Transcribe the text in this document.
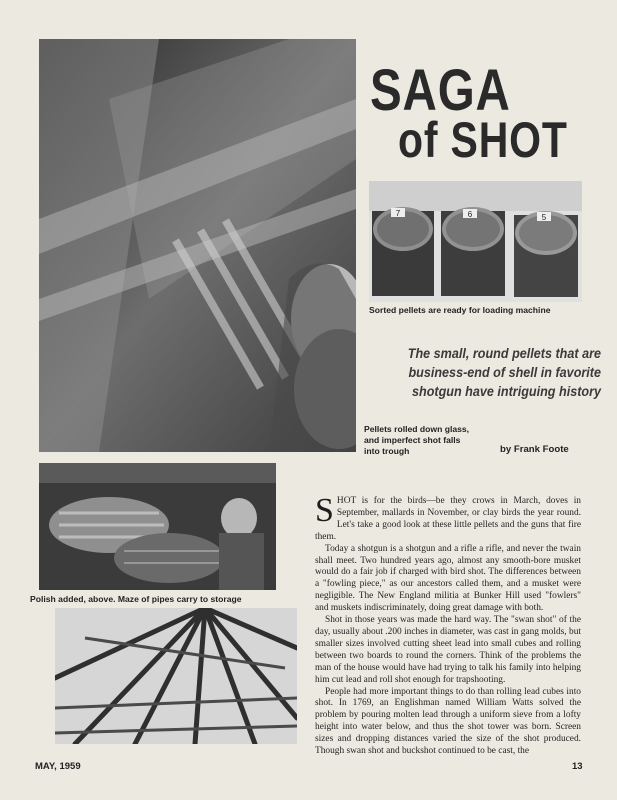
SAGA
of SHOT
7	6	5
Sorted pellets are ready for loading machine
The small, round pellets that are business-end of shell in favorite shotgun have intriguing history
Pellets rolled down glass, and imperfect shot falls into trough	by Frank Foote
Polish added, above. Maze of pipes carry to storage

SHOT is for the birds—be they crows in March, doves in September, mallards in November, or clay birds the year round. Let's take a good look at these little pellets and the guns that fire them.

Today a shotgun is a shotgun and a rifle a rifle, and never the twain shall meet. Two hundred years ago, almost any smooth-bore musket would do a fair job if charged with bird shot. The differences between a "fowling piece," as our ancestors called them, and a musket were negligible. The New England militia at Bunker Hill used "fowlers" and muskets indiscriminately, doing great damage with both.

Shot in those years was made the hard way. The "swan shot" of the day, usually about .200 inches in diameter, was cast in gang molds, but smaller sizes involved cutting sheet lead into small cubes and rolling between two boards to round the corners. Think of the problems the man of the house would have had trying to talk his family into helping him cut lead and roll shot enough for trapshooting.

People had more important things to do than rolling lead cubes into shot. In 1769, an Englishman named William Watts solved the problem by pouring molten lead through a uniform sieve from a lofty height into water below, and thus the shot tower was born. Screen sizes and dropping distances varied the size of the shot produced. Though swan shot and buckshot continued to be cast, the

MAY, 1959	13
